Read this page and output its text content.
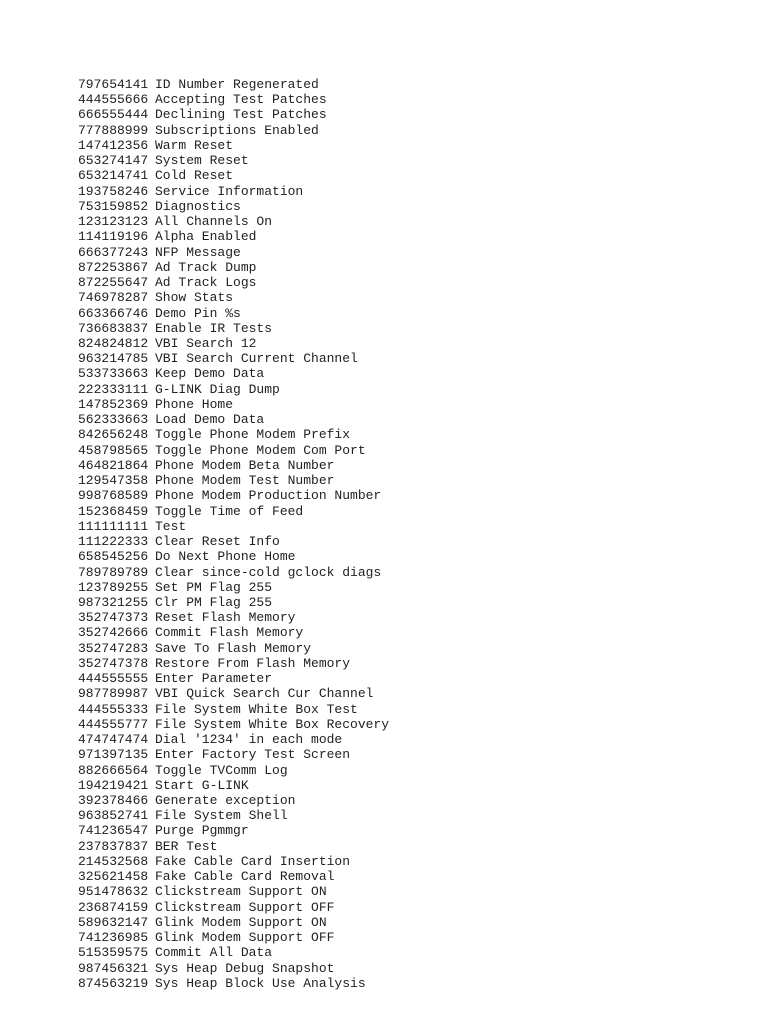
797654141 ID Number Regenerated
444555666 Accepting Test Patches
666555444 Declining Test Patches
777888999 Subscriptions Enabled
147412356 Warm Reset
653274147 System Reset
653214741 Cold Reset
193758246 Service Information
753159852 Diagnostics
123123123 All Channels On
114119196 Alpha Enabled
666377243 NFP Message
872253867 Ad Track Dump
872255647 Ad Track Logs
746978287 Show Stats
663366746 Demo Pin %s
736683837 Enable IR Tests
824824812 VBI Search 12
963214785 VBI Search Current Channel
533733663 Keep Demo Data
222333111 G-LINK Diag Dump
147852369 Phone Home
562333663 Load Demo Data
842656248 Toggle Phone Modem Prefix
458798565 Toggle Phone Modem Com Port
464821864 Phone Modem Beta Number
129547358 Phone Modem Test Number
998768589 Phone Modem Production Number
152368459 Toggle Time of Feed
111111111 Test
111222333 Clear Reset Info
658545256 Do Next Phone Home
789789789 Clear since-cold gclock diags
123789255 Set PM Flag 255
987321255 Clr PM Flag 255
352747373 Reset Flash Memory
352742666 Commit Flash Memory
352747283 Save To Flash Memory
352747378 Restore From Flash Memory
444555555 Enter Parameter
987789987 VBI Quick Search Cur Channel
444555333 File System White Box Test
444555777 File System White Box Recovery
474747474 Dial '1234' in each mode
971397135 Enter Factory Test Screen
882666564 Toggle TVComm Log
194219421 Start G-LINK
392378466 Generate exception
963852741 File System Shell
741236547 Purge Pgmmgr
237837837 BER Test
214532568 Fake Cable Card Insertion
325621458 Fake Cable Card Removal
951478632 Clickstream Support ON
236874159 Clickstream Support OFF
589632147 Glink Modem Support ON
741236985 Glink Modem Support OFF
515359575 Commit All Data
987456321 Sys Heap Debug Snapshot
874563219 Sys Heap Block Use Analysis
